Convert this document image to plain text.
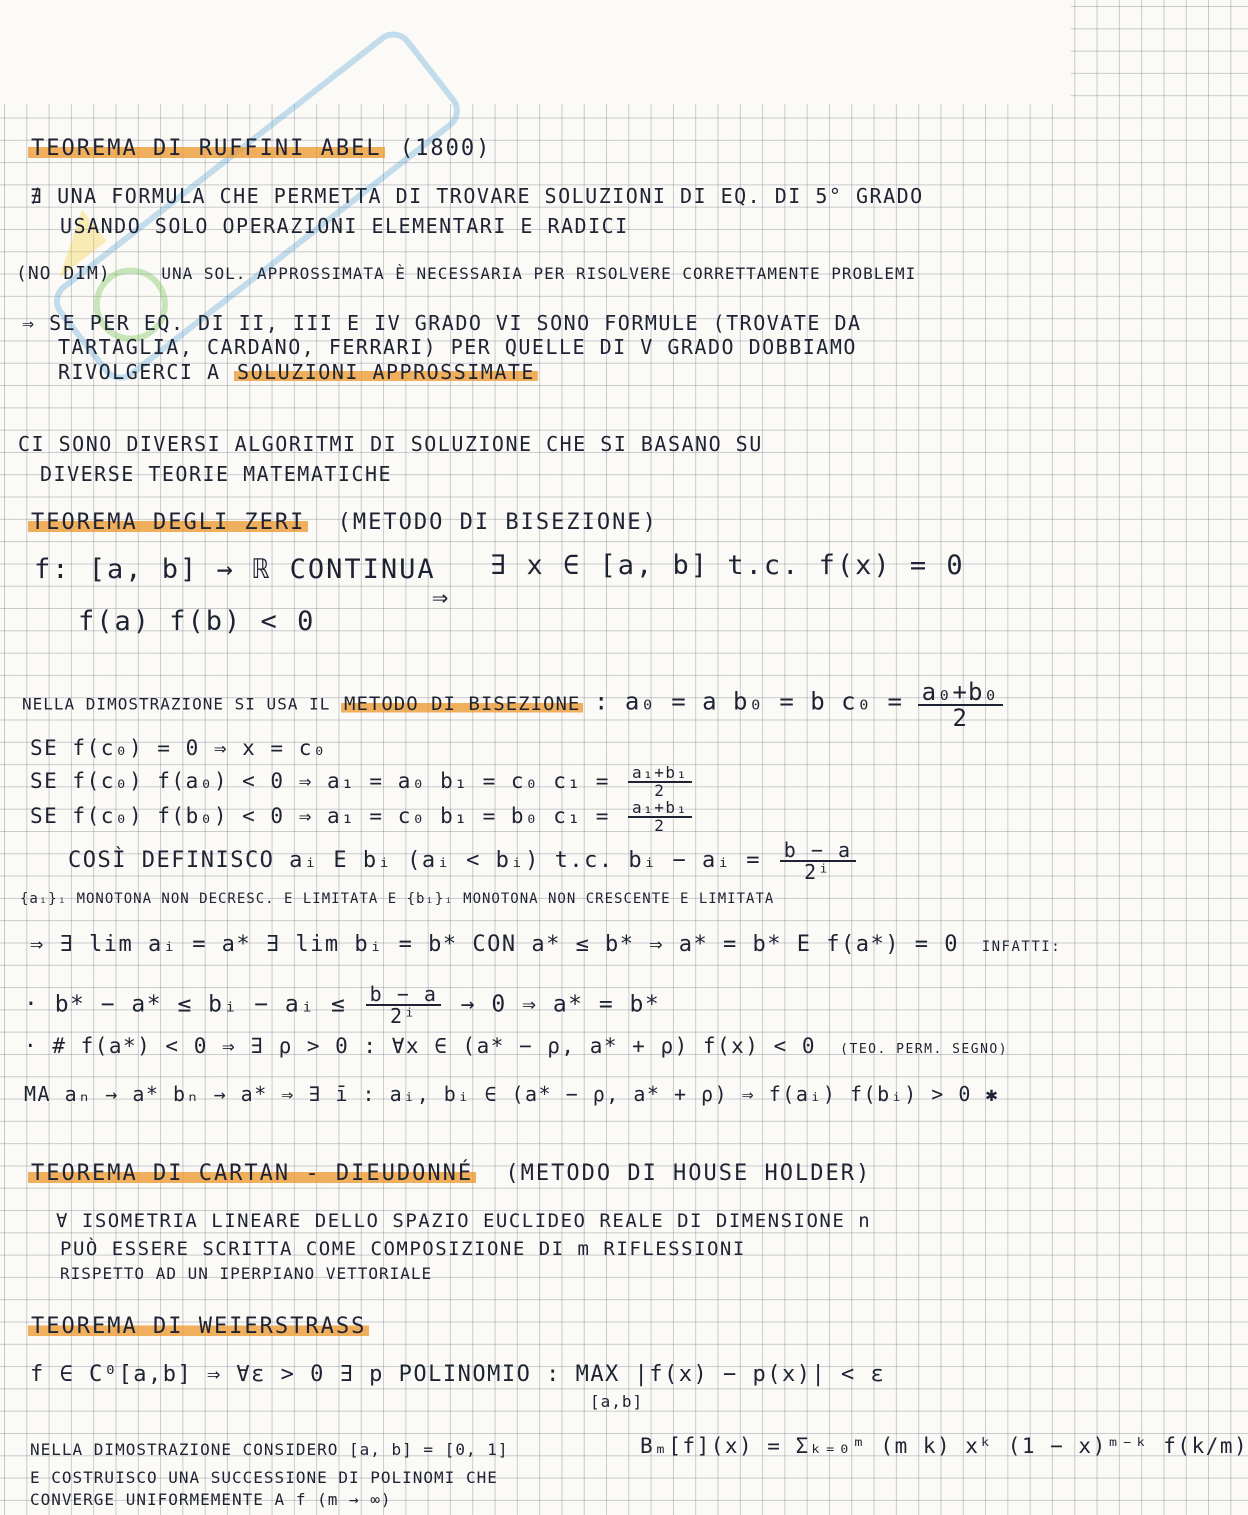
TEOREMA DI RUFFINI ABEL (1800)
∄ UNA FORMULA CHE PERMETTA DI TROVARE SOLUZIONI DI EQ. DI 5° GRADO
USANDO SOLO OPERAZIONI ELEMENTARI E RADICI
(NO DIM)	UNA SOL. APPROSSIMATA È NECESSARIA PER RISOLVERE CORRETTAMENTE PROBLEMI
⇒ SE PER EQ. DI II, III E IV GRADO VI SONO FORMULE (TROVATE DA
TARTAGLIA, CARDANO, FERRARI) PER QUELLE DI V GRADO DOBBIAMO
RIVOLGERCI A SOLUZIONI APPROSSIMATE
CI SONO DIVERSI ALGORITMI DI SOLUZIONE CHE SI BASANO SU
DIVERSE TEORIE MATEMATICHE
TEOREMA DEGLI ZERI (METODO DI BISEZIONE)
f: [a, b] → ℝ CONTINUA ∃ x ∈ [a, b] t.c. f(x) = 0
⇒
f(a) f(b) < 0
NELLA DIMOSTRAZIONE SI USA IL METODO DI BISEZIONE : a₀ = a b₀ = b $c_0 = \frac{\text{a₀+b₀}}{2}$
SE f(c₀) = 0 ⇒ x = c₀
SE f(c₀) f(a₀) < 0 ⇒ a₁ = a₀ b₁ = c₀ $c_1 = \frac{\text{a₁+b₁}}{2}$
SE f(c₀) f(b₀) < 0 ⇒ a₁ = c₀ b₁ = b₀ $c_1 = \frac{\text{a₁+b₁}}{2}$
COSÌ DEFINISCO aᵢ E bᵢ (aᵢ < bᵢ) t.c. bᵢ − aᵢ = $\frac{b - a}{\text{2ⁱ}}$
{aᵢ}ᵢ MONOTONA NON DECRESC. E LIMITATA E {bᵢ}ᵢ MONOTONA NON CRESCENTE E LIMITATA
⇒ ∃ lim aᵢ = a* ∃ lim bᵢ = b* CON a* ≤ b* ⇒ a* = b* E f(a*) = 0 INFATTI:
· b* − a* ≤ bᵢ − aᵢ ≤ $\frac{b - a}{\text{2ⁱ}} \to 0$ ⇒ a* = b*
· # f(a*) < 0 ⇒ ∃ ρ > 0 : ∀x ∈ (a* − ρ, a* + ρ) f(x) < 0 (TEO. PERM. SEGNO)
MA aₙ → a* bₙ → a* ⇒ ∃ ī : aᵢ, bᵢ ∈ (a* − ρ, a* + ρ) ⇒ f(aᵢ) f(bᵢ) > 0 ✱
TEOREMA DI CARTAN - DIEUDONNÉ (METODO DI HOUSE HOLDER)
∀ ISOMETRIA LINEARE DELLO SPAZIO EUCLIDEO REALE DI DIMENSIONE n
PUÒ ESSERE SCRITTA COME COMPOSIZIONE DI m RIFLESSIONI
RISPETTO AD UN IPERPIANO VETTORIALE
TEOREMA DI WEIERSTRASS
f ∈ C⁰[a,b] ⇒ ∀ε > 0 ∃ p POLINOMIO : MAX |f(x) − p(x)| < ε
[a,b]
NELLA DIMOSTRAZIONE CONSIDERO [a, b] = [0, 1]	Bₘ[f](x) = Σₖ₌₀ᵐ (m k) xᵏ (1 − x)ᵐ⁻ᵏ f(k/m)
E COSTRUISCO UNA SUCCESSIONE DI POLINOMI CHE
CONVERGE UNIFORMEMENTE A f (m → ∞)
